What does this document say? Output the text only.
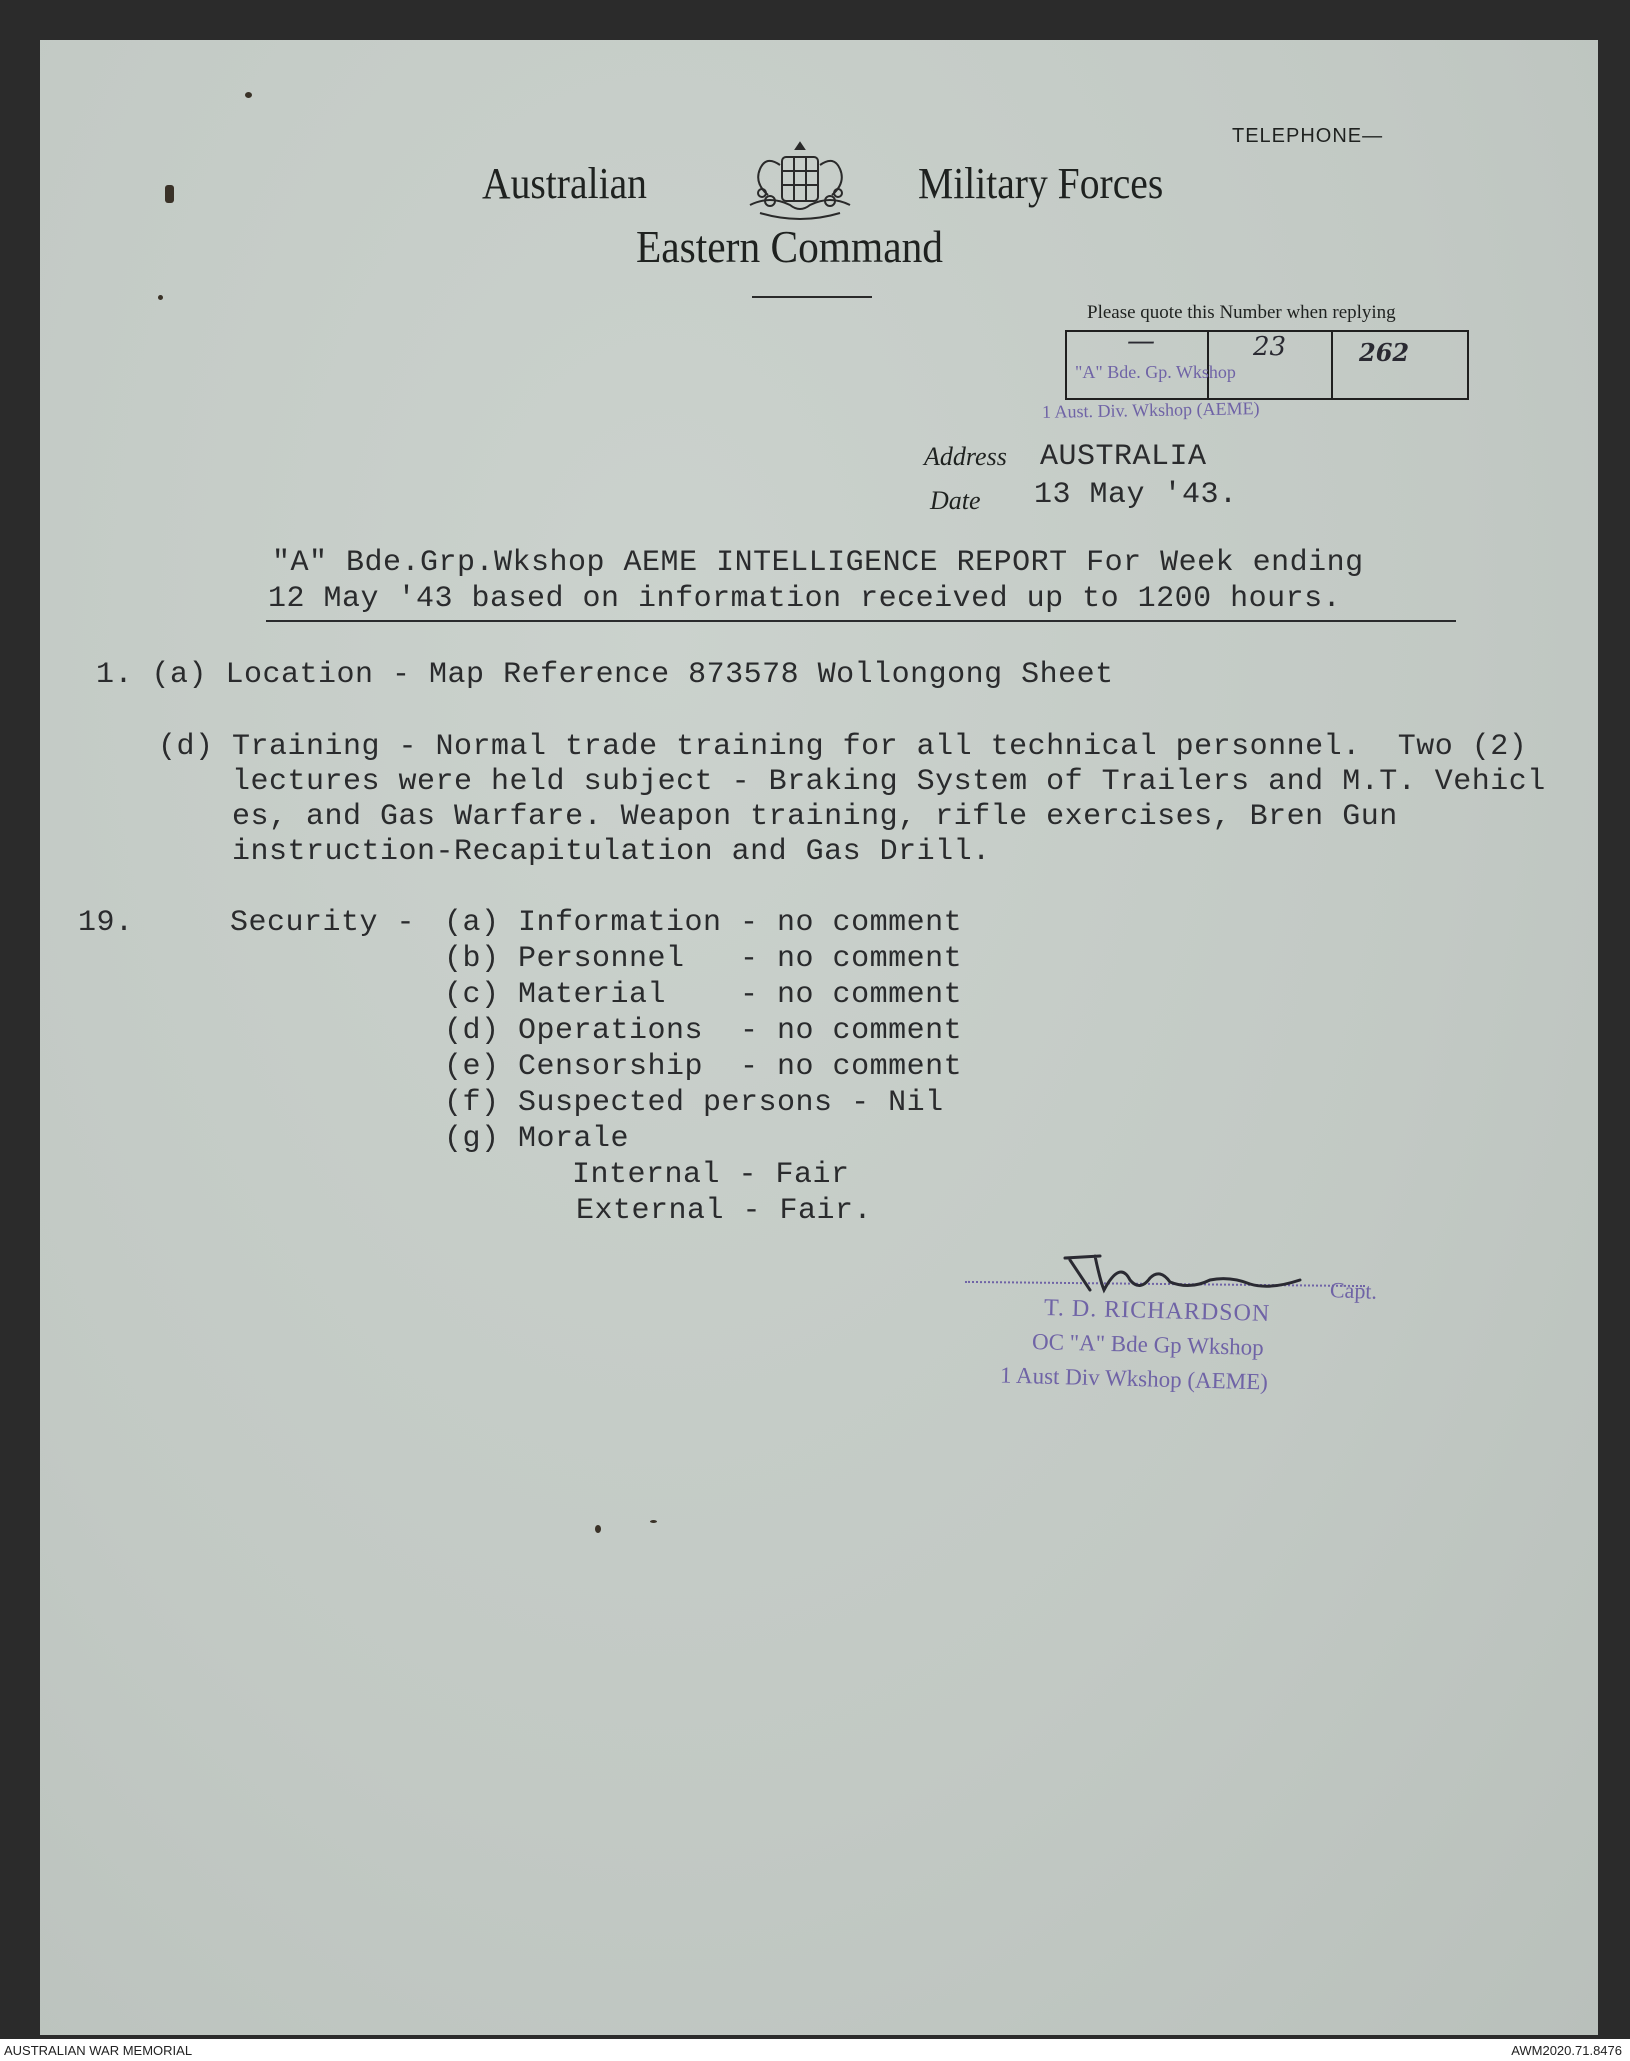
TELEPHONE—
Australian	Military Forces
Eastern Command
Please quote this Number when replying
—	23	262
"A" Bde. Gp. Wkshop
1 Aust. Div. Wkshop (AEME)
Address AUSTRALIA
Date 13 May '43.
"A" Bde.Grp.Wkshop AEME INTELLIGENCE REPORT For Week ending
12 May '43 based on information received up to 1200 hours.
1. (a) Location - Map Reference 873578 Wollongong Sheet
(d) Training - Normal trade training for all technical personnel.  Two (2)
lectures were held subject - Braking System of Trailers and M.T. Vehicl
es, and Gas Warfare. Weapon training, rifle exercises, Bren Gun
instruction-Recapitulation and Gas Drill.
19.	Security - (a) Information - no comment
(b) Personnel   - no comment
(c) Material    - no comment
(d) Operations  - no comment
(e) Censorship  - no comment
(f) Suspected persons - Nil
(g) Morale
Internal - Fair
External - Fair.
Capt.
T. D. RICHARDSON
OC "A" Bde Gp Wkshop
1 Aust Div Wkshop (AEME)
AUSTRALIAN WAR MEMORIAL	AWM2020.71.8476
